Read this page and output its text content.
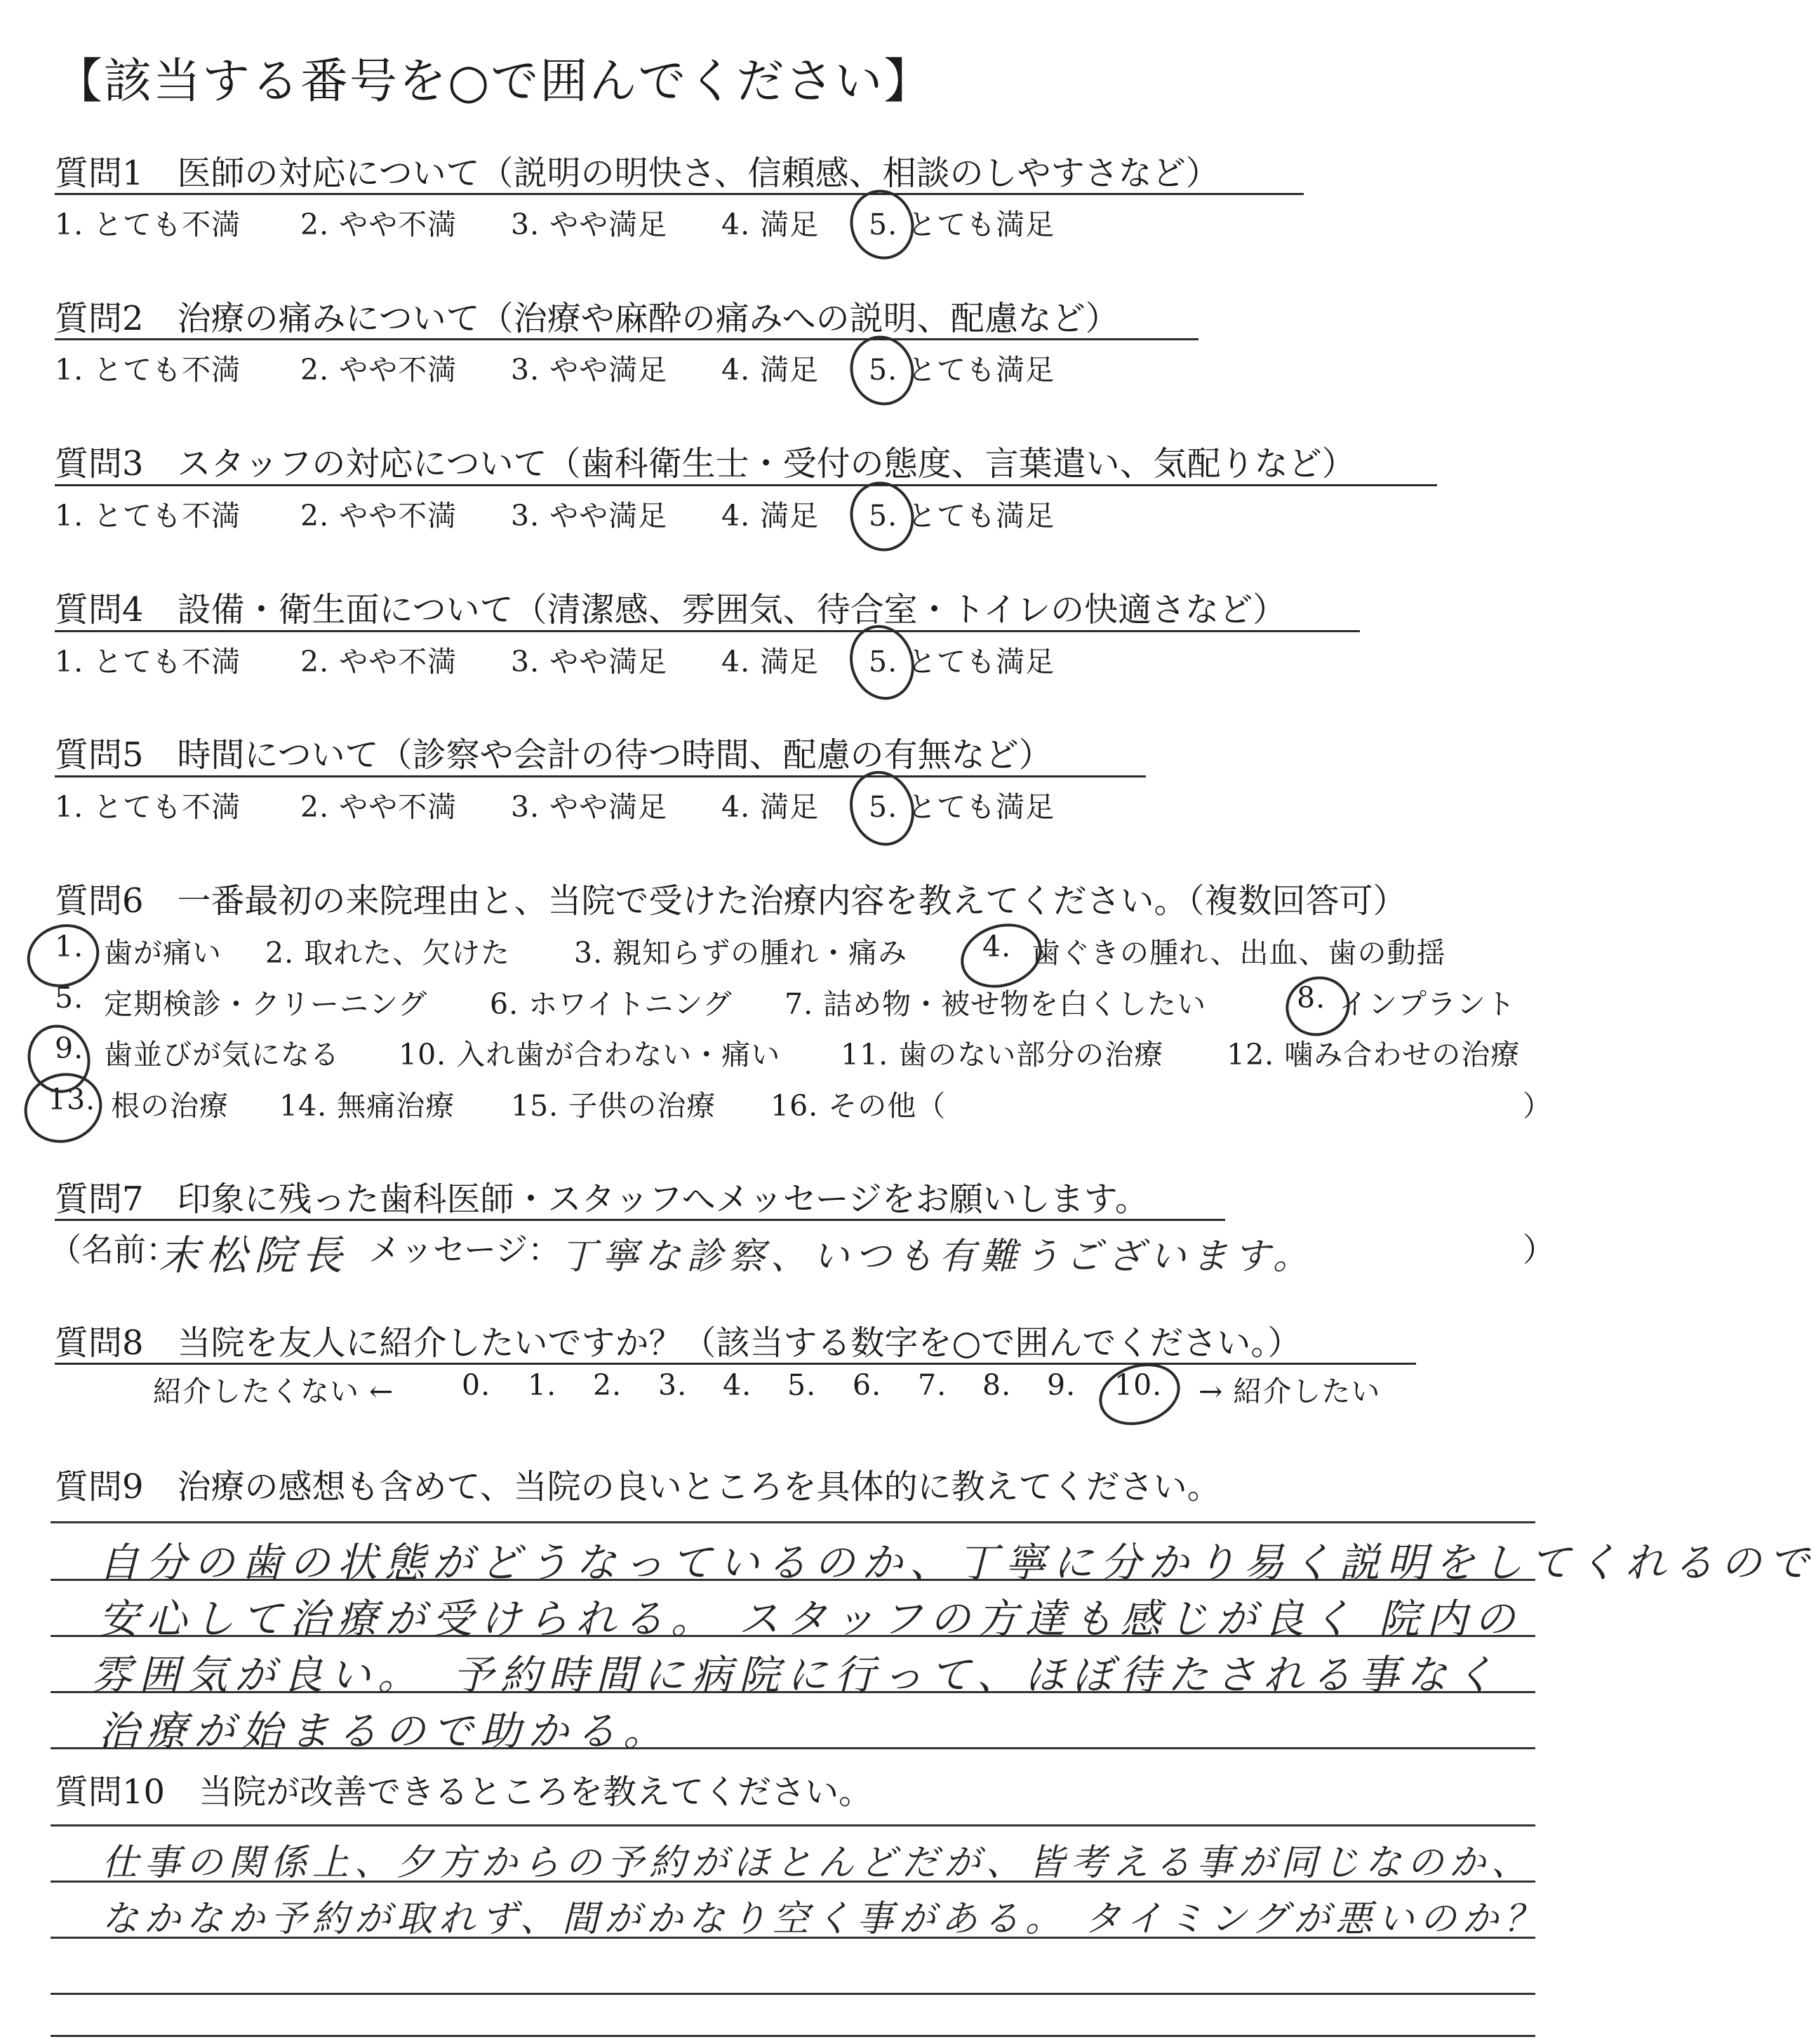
【該当する番号を○で囲んでください】
質問1　医師の対応について（説明の明快さ、信頼感、相談のしやすさなど）
1. とても不満 2. やや不満 3. やや満足 4. 満足 5. とても満足
質問2　治療の痛みについて（治療や麻酔の痛みへの説明、配慮など）
1. とても不満 2. やや不満 3. やや満足 4. 満足 5. とても満足
質問3　スタッフの対応について（歯科衛生士・受付の態度、言葉遣い、気配りなど）
1. とても不満 2. やや不満 3. やや満足 4. 満足 5. とても満足
質問4　設備・衛生面について（清潔感、雰囲気、待合室・トイレの快適さなど）
1. とても不満 2. やや不満 3. やや満足 4. 満足 5. とても満足
質問5　時間について（診察や会計の待つ時間、配慮の有無など）
1. とても不満 2. やや不満 3. やや満足 4. 満足 5. とても満足
質問6　一番最初の来院理由と、当院で受けた治療内容を教えてください。（複数回答可）
1. 歯が痛い 2. 取れた、欠けた 3. 親知らずの腫れ・痛み	4. 歯ぐきの腫れ、出血、歯の動揺
5. 定期検診・クリーニング 6. ホワイトニング 7. 詰め物・被せ物を白くしたい	8. インプラント
9. 歯並びが気になる 10. 入れ歯が合わない・痛い 11. 歯のない部分の治療 12. 噛み合わせの治療
13. 根の治療 14. 無痛治療 15. 子供の治療 16. その他（	）
質問7　印象に残った歯科医師・スタッフへメッセージをお願いします。
（名前：
末松院長 メッセージ： 丁寧な診察、いつも有難うございます。	）
質問8　当院を友人に紹介したいですか？（該当する数字を○で囲んでください。）
紹介したくない ← 0. 1. 2. 3. 4. 5. 6. 7. 8. 9. 10. → 紹介したい
質問9　治療の感想も含めて、当院の良いところを具体的に教えてください。
自分の歯の状態がどうなっているのか、丁寧に分かり易く説明をしてくれるので
安心して治療が受けられる。 スタッフの方達も感じが良く 院内の
雰囲気が良い。　予約時間に病院に行って、ほぼ待たされる事なく
治療が始まるので助かる。
質問10　当院が改善できるところを教えてください。
仕事の関係上、夕方からの予約がほとんどだが、皆考える事が同じなのか、
なかなか予約が取れず、間がかなり空く事がある。 タイミングが悪いのか？
